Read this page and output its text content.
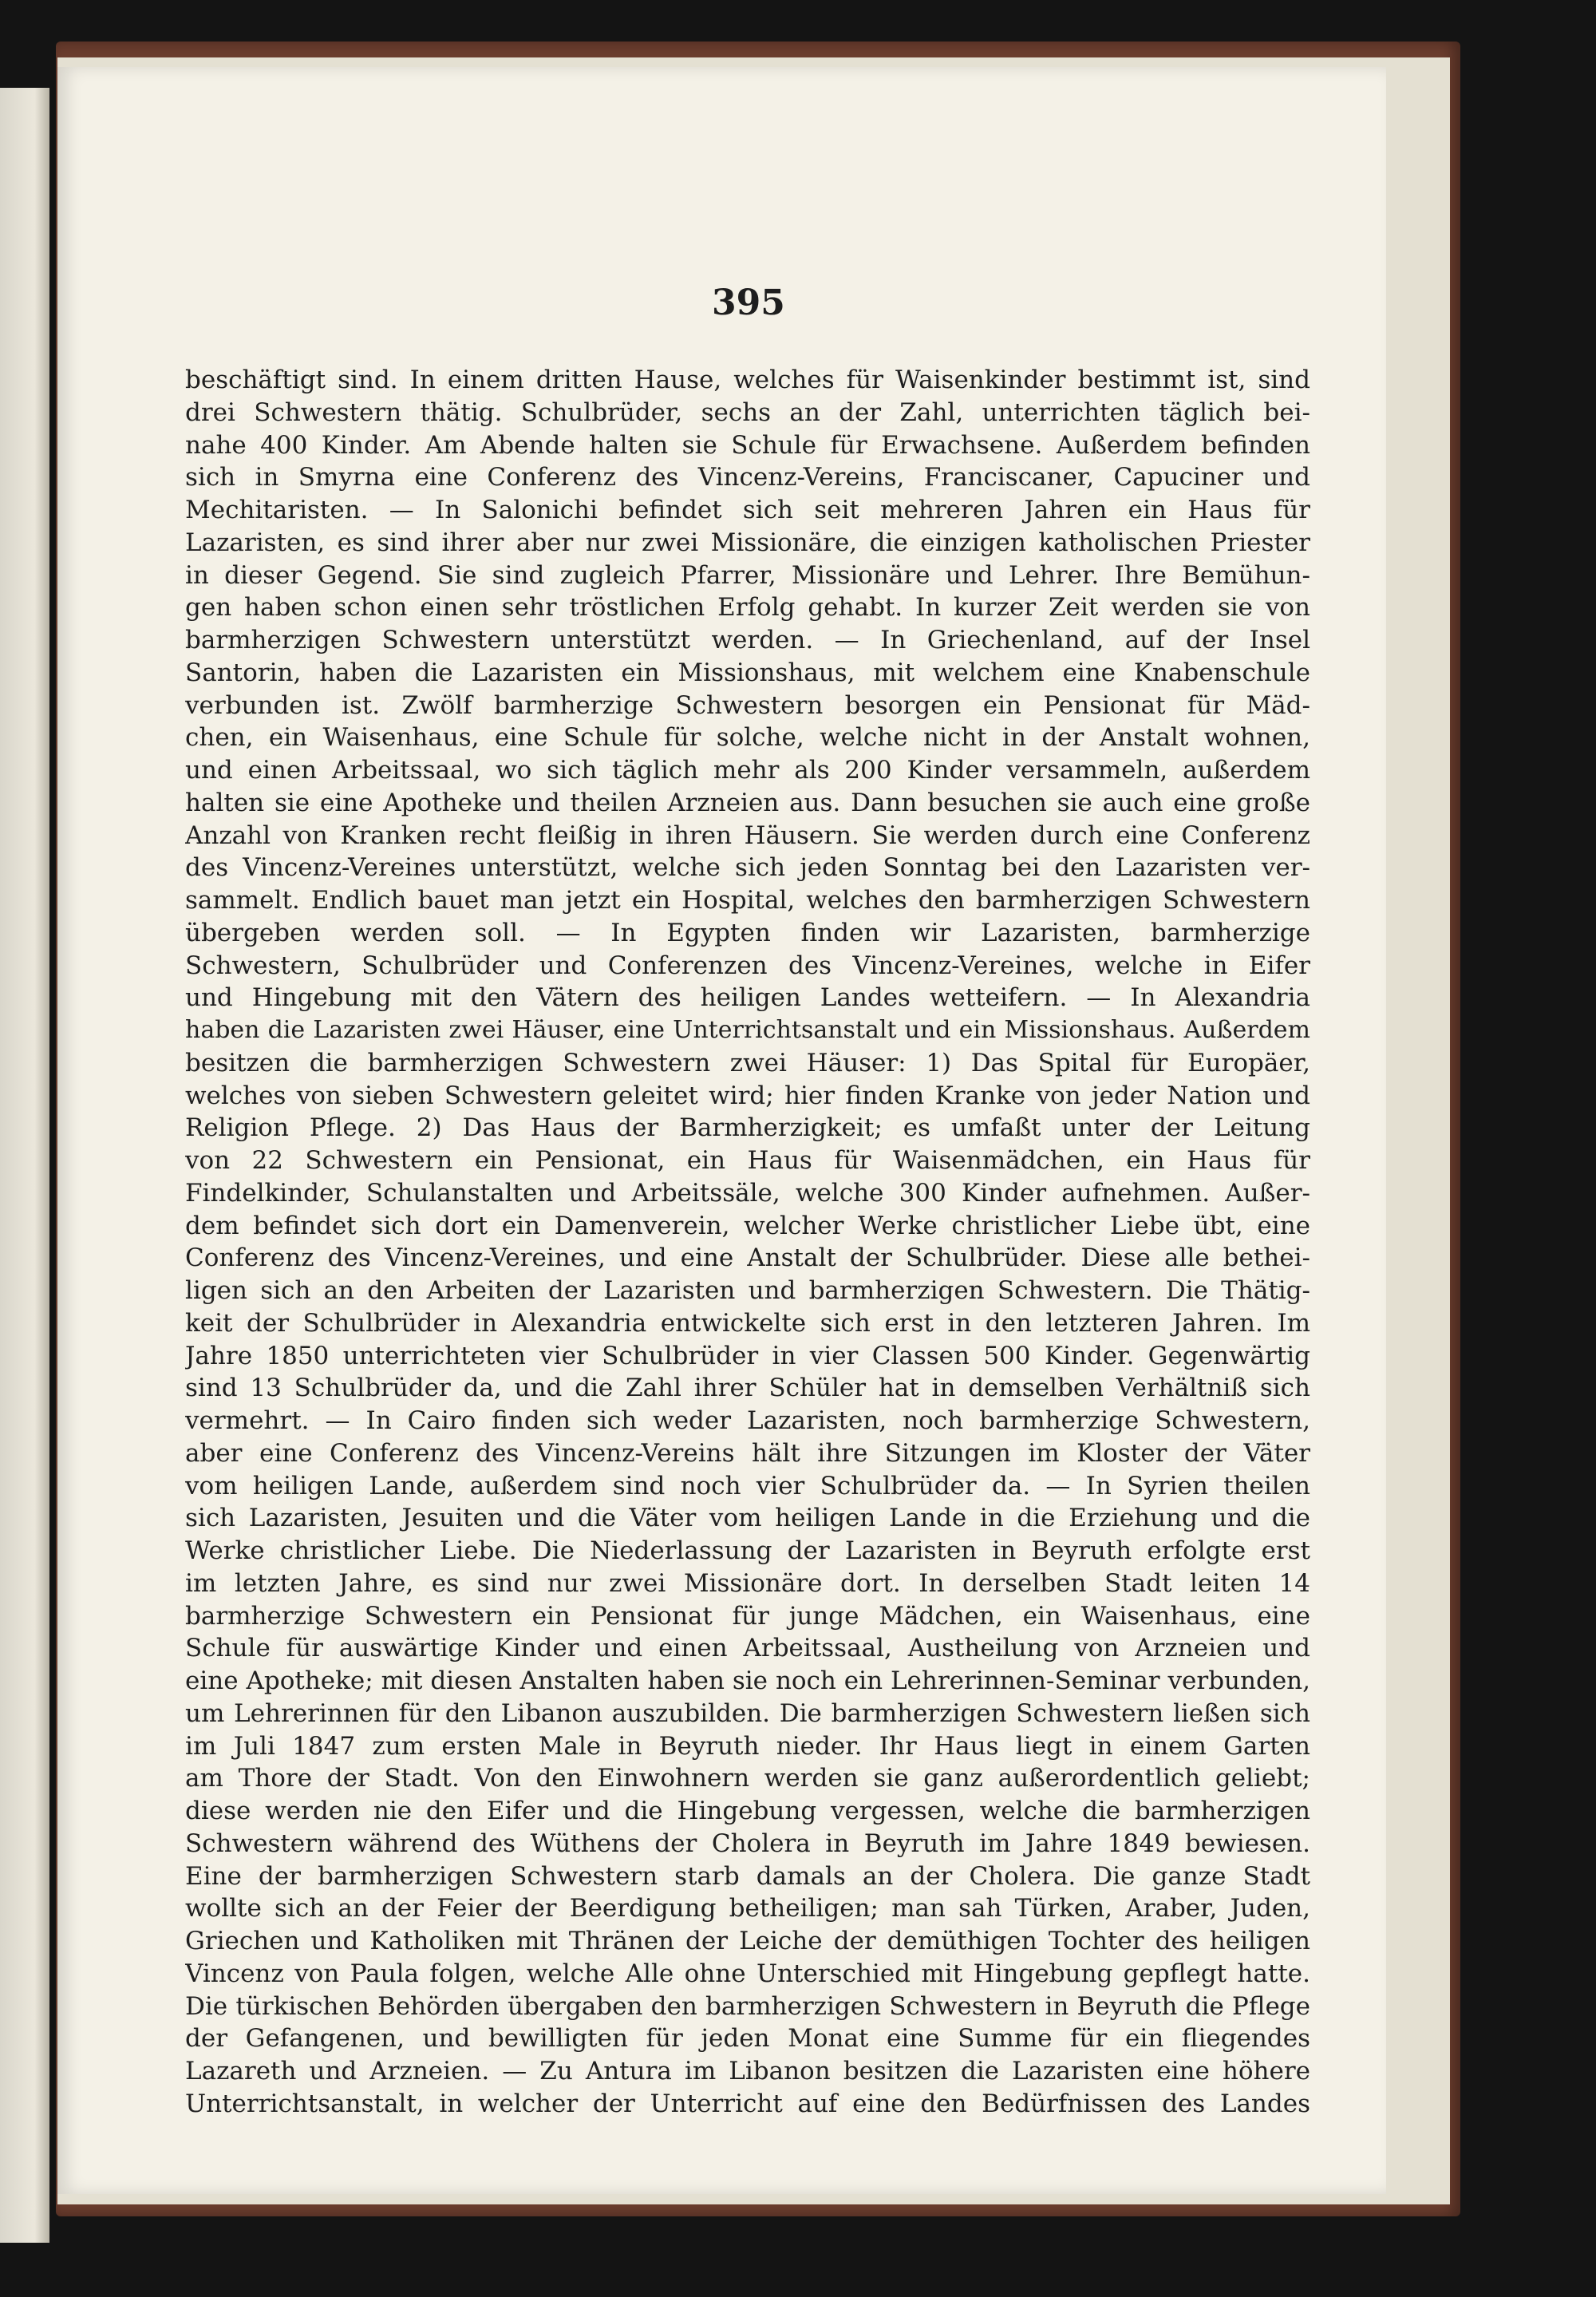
395
beschäftigt sind. In einem dritten Hause, welches für Waisenkinder bestimmt ist, sind
drei Schwestern thätig. Schulbrüder, sechs an der Zahl, unterrichten täglich bei-
nahe 400 Kinder. Am Abende halten sie Schule für Erwachsene. Außerdem befinden
sich in Smyrna eine Conferenz des Vincenz-Vereins, Franciscaner, Capuciner und
Mechitaristen. — In Salonichi befindet sich seit mehreren Jahren ein Haus für
Lazaristen, es sind ihrer aber nur zwei Missionäre, die einzigen katholischen Priester
in dieser Gegend. Sie sind zugleich Pfarrer, Missionäre und Lehrer. Ihre Bemühun-
gen haben schon einen sehr tröstlichen Erfolg gehabt. In kurzer Zeit werden sie von
barmherzigen Schwestern unterstützt werden. — In Griechenland, auf der Insel
Santorin, haben die Lazaristen ein Missionshaus, mit welchem eine Knabenschule
verbunden ist. Zwölf barmherzige Schwestern besorgen ein Pensionat für Mäd-
chen, ein Waisenhaus, eine Schule für solche, welche nicht in der Anstalt wohnen,
und einen Arbeitssaal, wo sich täglich mehr als 200 Kinder versammeln, außerdem
halten sie eine Apotheke und theilen Arzneien aus. Dann besuchen sie auch eine große
Anzahl von Kranken recht fleißig in ihren Häusern. Sie werden durch eine Conferenz
des Vincenz-Vereines unterstützt, welche sich jeden Sonntag bei den Lazaristen ver-
sammelt. Endlich bauet man jetzt ein Hospital, welches den barmherzigen Schwestern
übergeben werden soll. — In Egypten finden wir Lazaristen, barmherzige
Schwestern, Schulbrüder und Conferenzen des Vincenz-Vereines, welche in Eifer
und Hingebung mit den Vätern des heiligen Landes wetteifern. — In Alexandria
haben die Lazaristen zwei Häuser, eine Unterrichtsanstalt und ein Missionshaus. Außerdem
besitzen die barmherzigen Schwestern zwei Häuser: 1) Das Spital für Europäer,
welches von sieben Schwestern geleitet wird; hier finden Kranke von jeder Nation und
Religion Pflege. 2) Das Haus der Barmherzigkeit; es umfaßt unter der Leitung
von 22 Schwestern ein Pensionat, ein Haus für Waisenmädchen, ein Haus für
Findelkinder, Schulanstalten und Arbeitssäle, welche 300 Kinder aufnehmen. Außer-
dem befindet sich dort ein Damenverein, welcher Werke christlicher Liebe übt, eine
Conferenz des Vincenz-Vereines, und eine Anstalt der Schulbrüder. Diese alle bethei-
ligen sich an den Arbeiten der Lazaristen und barmherzigen Schwestern. Die Thätig-
keit der Schulbrüder in Alexandria entwickelte sich erst in den letzteren Jahren. Im
Jahre 1850 unterrichteten vier Schulbrüder in vier Classen 500 Kinder. Gegenwärtig
sind 13 Schulbrüder da, und die Zahl ihrer Schüler hat in demselben Verhältniß sich
vermehrt. — In Cairo finden sich weder Lazaristen, noch barmherzige Schwestern,
aber eine Conferenz des Vincenz-Vereins hält ihre Sitzungen im Kloster der Väter
vom heiligen Lande, außerdem sind noch vier Schulbrüder da. — In Syrien theilen
sich Lazaristen, Jesuiten und die Väter vom heiligen Lande in die Erziehung und die
Werke christlicher Liebe. Die Niederlassung der Lazaristen in Beyruth erfolgte erst
im letzten Jahre, es sind nur zwei Missionäre dort. In derselben Stadt leiten 14
barmherzige Schwestern ein Pensionat für junge Mädchen, ein Waisenhaus, eine
Schule für auswärtige Kinder und einen Arbeitssaal, Austheilung von Arzneien und
eine Apotheke; mit diesen Anstalten haben sie noch ein Lehrerinnen-Seminar verbunden,
um Lehrerinnen für den Libanon auszubilden. Die barmherzigen Schwestern ließen sich
im Juli 1847 zum ersten Male in Beyruth nieder. Ihr Haus liegt in einem Garten
am Thore der Stadt. Von den Einwohnern werden sie ganz außerordentlich geliebt;
diese werden nie den Eifer und die Hingebung vergessen, welche die barmherzigen
Schwestern während des Wüthens der Cholera in Beyruth im Jahre 1849 bewiesen.
Eine der barmherzigen Schwestern starb damals an der Cholera. Die ganze Stadt
wollte sich an der Feier der Beerdigung betheiligen; man sah Türken, Araber, Juden,
Griechen und Katholiken mit Thränen der Leiche der demüthigen Tochter des heiligen
Vincenz von Paula folgen, welche Alle ohne Unterschied mit Hingebung gepflegt hatte.
Die türkischen Behörden übergaben den barmherzigen Schwestern in Beyruth die Pflege
der Gefangenen, und bewilligten für jeden Monat eine Summe für ein fliegendes
Lazareth und Arzneien. — Zu Antura im Libanon besitzen die Lazaristen eine höhere
Unterrichtsanstalt, in welcher der Unterricht auf eine den Bedürfnissen des Landes
